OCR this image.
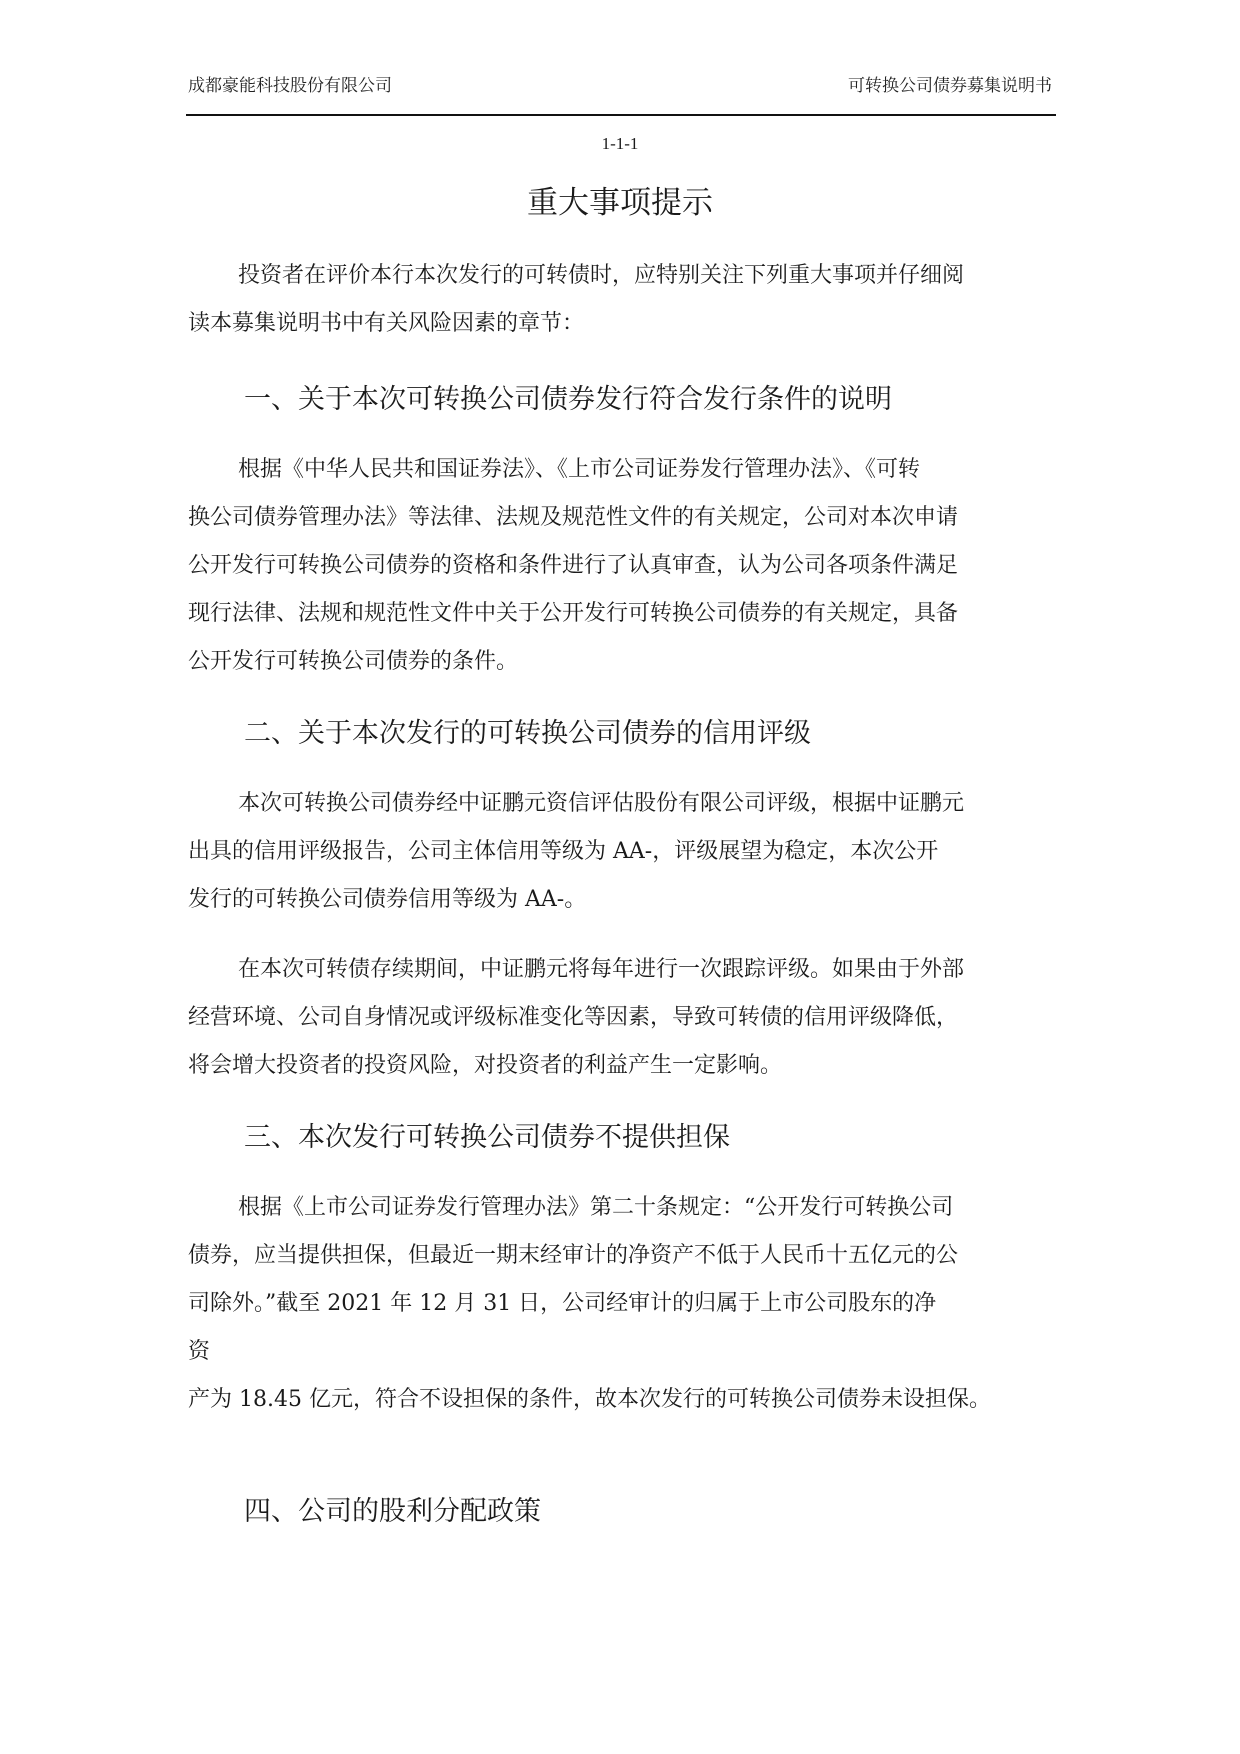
成都豪能科技股份有限公司	可转换公司债券募集说明书
1-1-1
重大事项提示

投资者在评价本行本次发行的可转债时，应特别关注下列重大事项并仔细阅
读本募集说明书中有关风险因素的章节：

一、关于本次可转换公司债券发行符合发行条件的说明

根据《中华人民共和国证券法》、《上市公司证券发行管理办法》、《可转
换公司债券管理办法》等法律、法规及规范性文件的有关规定，公司对本次申请
公开发行可转换公司债券的资格和条件进行了认真审查，认为公司各项条件满足
现行法律、法规和规范性文件中关于公开发行可转换公司债券的有关规定，具备
公开发行可转换公司债券的条件。

二、关于本次发行的可转换公司债券的信用评级

本次可转换公司债券经中证鹏元资信评估股份有限公司评级，根据中证鹏元
出具的信用评级报告，公司主体信用等级为 AA-，评级展望为稳定，本次公开
发行的可转换公司债券信用等级为 AA-。

在本次可转债存续期间，中证鹏元将每年进行一次跟踪评级。如果由于外部
经营环境、公司自身情况或评级标准变化等因素，导致可转债的信用评级降低，
将会增大投资者的投资风险，对投资者的利益产生一定影响。

三、本次发行可转换公司债券不提供担保

根据《上市公司证券发行管理办法》第二十条规定：“公开发行可转换公司
债券，应当提供担保，但最近一期末经审计的净资产不低于人民币十五亿元的公
司除外。”截至 2021 年 12 月 31 日，公司经审计的归属于上市公司股东的净
资

产为 18.45 亿元，符合不设担保的条件，故本次发行的可转换公司债券未设担保。

四、公司的股利分配政策
